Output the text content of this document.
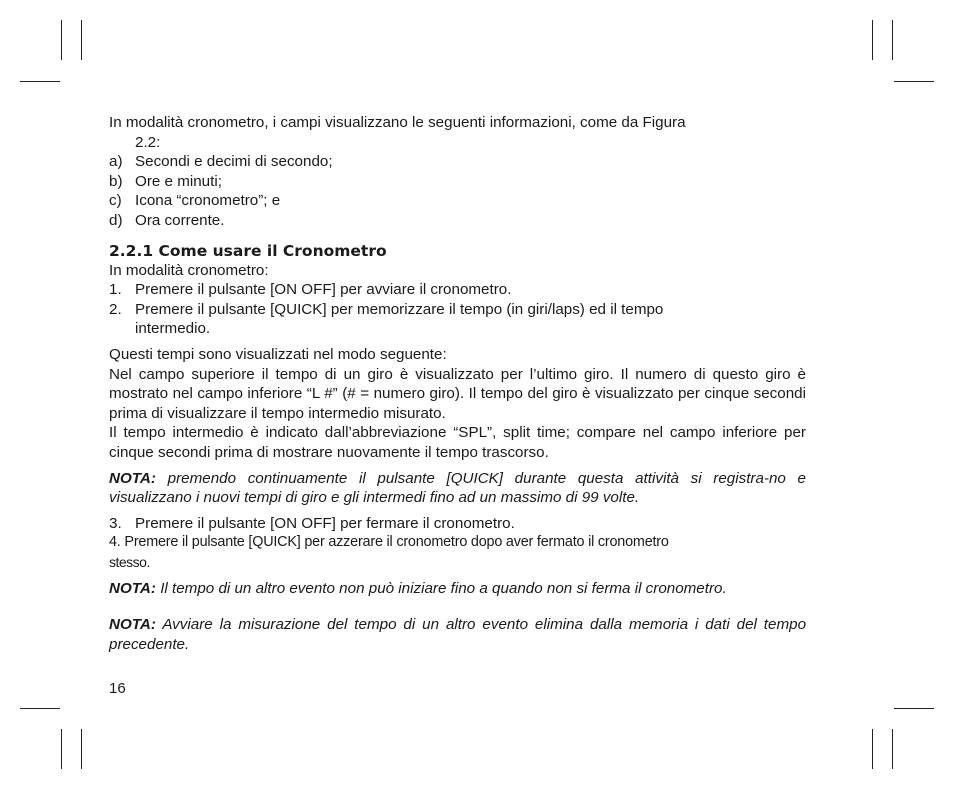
In modalità cronometro, i campi visualizzano le seguenti informazioni, come da Figura
2.2:
a) Secondi e decimi di secondo;
b) Ore e minuti;
c) Icona “cronometro”; e
d) Ora corrente.
2.2.1 Come usare il Cronometro
In modalità cronometro:
1. Premere il pulsante [ON OFF] per avviare il cronometro.
2. Premere il pulsante [QUICK] per memorizzare il tempo (in giri/laps) ed il tempo
intermedio.
Questi tempi sono visualizzati nel modo seguente:
Nel campo superiore il tempo di un giro è visualizzato per l’ultimo giro. Il numero di questo giro è mostrato nel campo inferiore “L #” (# = numero giro). Il tempo del giro è visualizzato per cinque secondi prima di visualizzare il tempo intermedio misurato.
Il tempo intermedio è indicato dall’abbreviazione “SPL”, split time; compare nel campo inferiore per cinque secondi prima di mostrare nuovamente il tempo trascorso.
NOTA: premendo continuamente il pulsante [QUICK] durante questa attività si registra-no e visualizzano i nuovi tempi di giro e gli intermedi fino ad un massimo di 99 volte.
3. Premere il pulsante [ON OFF] per fermare il cronometro.
4. Premere il pulsante [QUICK] per azzerare il cronometro dopo aver fermato il cronometro
stesso.
NOTA: Il tempo di un altro evento non può iniziare fino a quando non si ferma il cronometro.
NOTA: Avviare la misurazione del tempo di un altro evento elimina dalla memoria i dati del tempo precedente.
16
